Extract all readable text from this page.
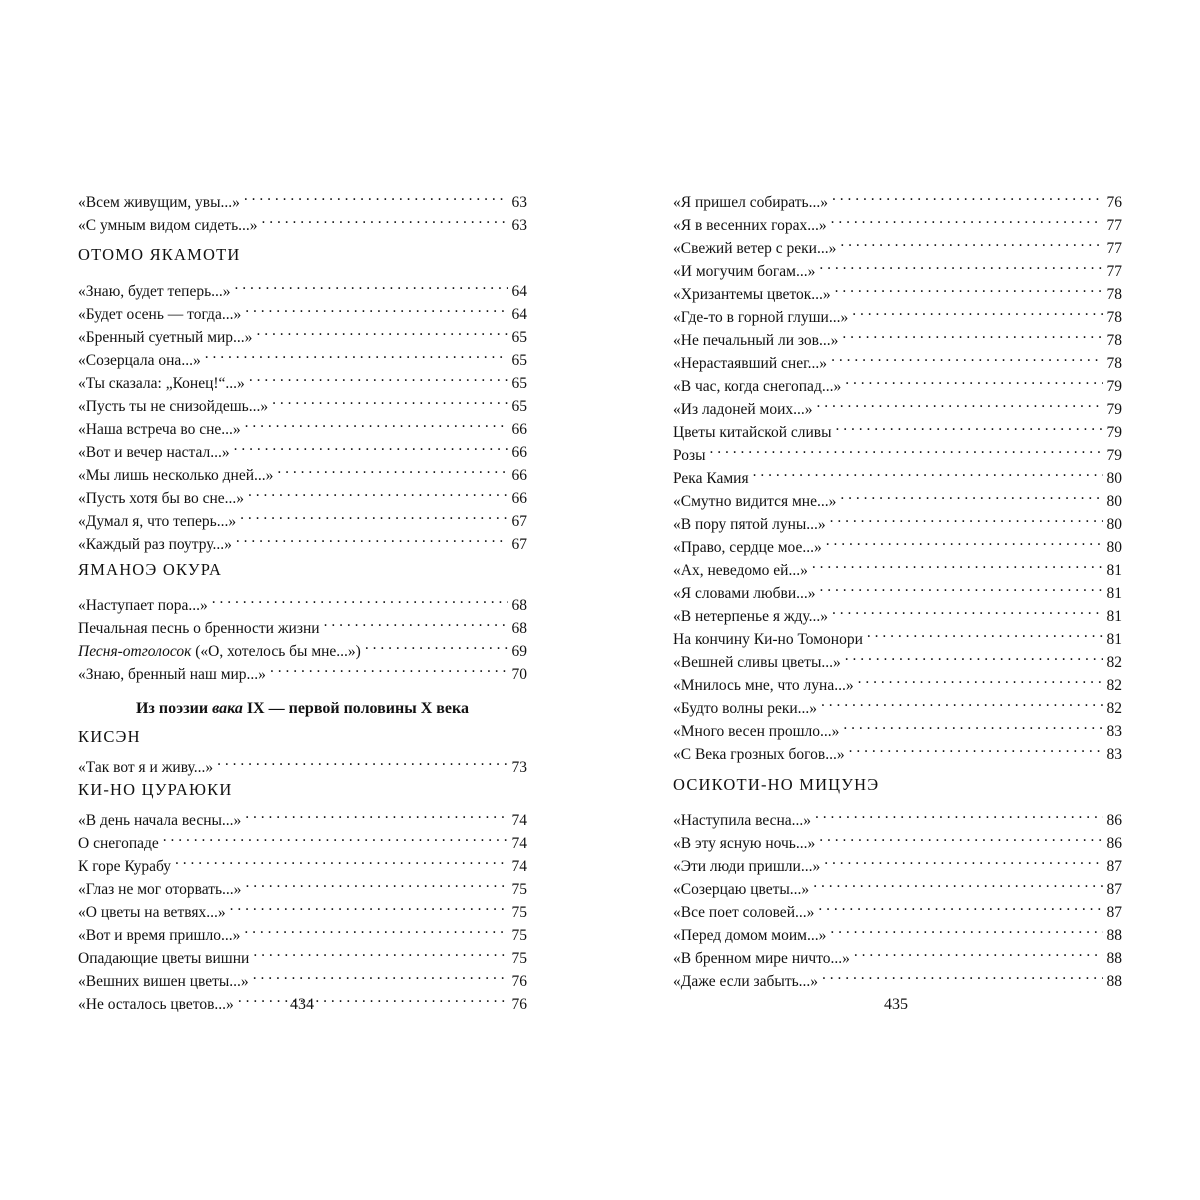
«Всем живущим, увы...» . . .	63
«С умным видом сидеть...» . . .	63
ОТОМО ЯКАМОТИ
«Знаю, будет теперь...» . . .	64
«Будет осень — тогда...» . . .	64
«Бренный суетный мир...» . . .	65
«Созерцала она...» . . .	65
«Ты сказала: „Конец!“...» . . .	65
«Пусть ты не снизойдешь...» . . .	65
«Наша встреча во сне...» . . .	66
«Вот и вечер настал...» . . .	66
«Мы лишь несколько дней...» . . .	66
«Пусть хотя бы во сне...» . . .	66
«Думал я, что теперь...» . . .	67
«Каждый раз поутру...» . . .	67
ЯМАНОЭ ОКУРА
«Наступает пора...» . . .	68
Печальная песнь о бренности жизни . . .	68
Песня-отголосок («О, хотелось бы мне...») . . .	69
«Знаю, бренный наш мир...» . . .	70
Из поэзии вака IX — первой половины X века
КИСЭН
«Так вот я и живу...» . . .	73
КИ-НО ЦУРАЮКИ
«В день начала весны...» . . .	74
О снегопаде . . .	74
К горе Курабу . . .	74
«Глаз не мог оторвать...» . . .	75
«О цветы на ветвях...» . . .	75
«Вот и время пришло...» . . .	75
Опадающие цветы вишни . . .	75
«Вешних вишен цветы...» . . .	76
«Не осталось цветов...» . . .	76
«Я пришел собирать...» . . .	76
«Я в весенних горах...» . . .	77
«Свежий ветер с реки...» . . .	77
«И могучим богам...» . . .	77
«Хризантемы цветок...» . . .	78
«Где-то в горной глуши...» . . .	78
«Не печальный ли зов...» . . .	78
«Нерастаявший снег...» . . .	78
«В час, когда снегопад...» . . .	79
«Из ладоней моих...» . . .	79
Цветы китайской сливы . . .	79
Розы . . .	79
Река Камия . . .	80
«Смутно видится мне...» . . .	80
«В пору пятой луны...» . . .	80
«Право, сердце мое...» . . .	80
«Ах, неведомо ей...» . . .	81
«Я словами любви...» . . .	81
«В нетерпенье я жду...» . . .	81
На кончину Ки-но Томонори . . .	81
«Вешней сливы цветы...» . . .	82
«Мнилось мне, что луна...» . . .	82
«Будто волны реки...» . . .	82
«Много весен прошло...» . . .	83
«С Века грозных богов...» . . .	83
ОСИКОТИ-НО МИЦУНЭ
«Наступила весна...» . . .	86
«В эту ясную ночь...» . . .	86
«Эти люди пришли...» . . .	87
«Созерцаю цветы...» . . .	87
«Все поет соловей...» . . .	87
«Перед домом моим...» . . .	88
«В бренном мире ничто...» . . .	88
«Даже если забыть...» . . .	88
434	435
